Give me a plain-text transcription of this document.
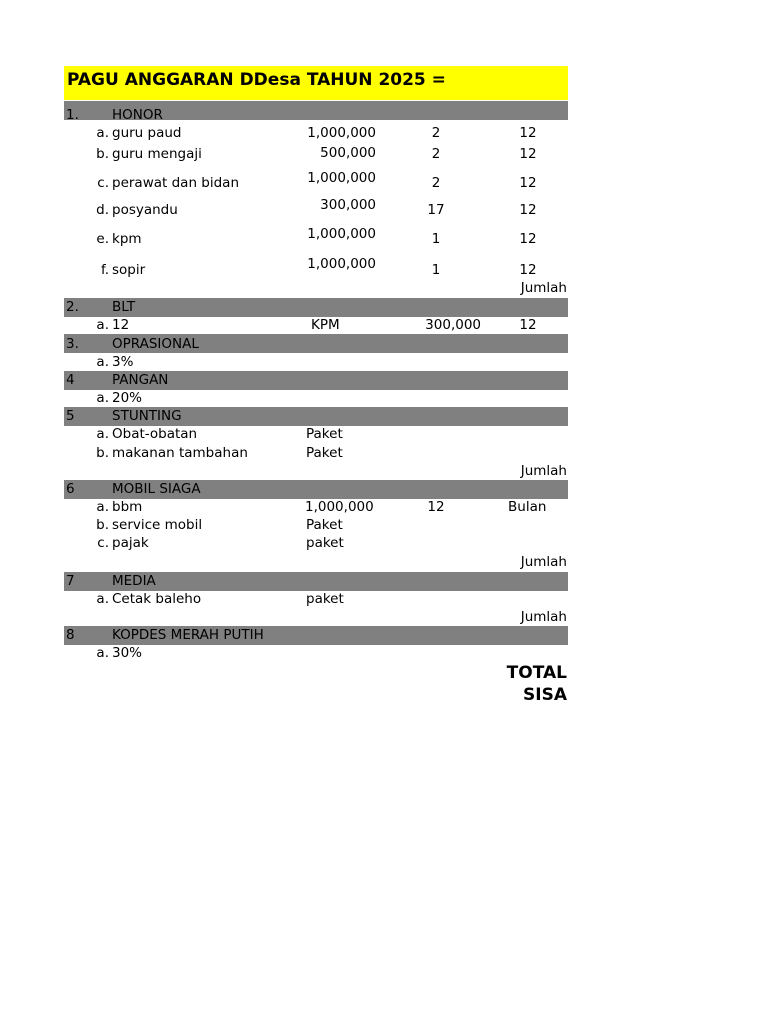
PAGU ANGGARAN DDesa TAHUN 2025 =
1. HONOR
a. guru paud	1,000,000	2	12
b. guru mengaji	500,000	2	12
c. perawat dan bidan	1,000,000	2	12
d. posyandu	300,000	17	12
e. kpm	1,000,000	1	12
f. sopir	1,000,000	1	12
Jumlah
2. BLT
a. 12	KPM	300,000	12
3. OPRASIONAL
a. 3%
4	PANGAN
a. 20%
5	STUNTING
a. Obat-obatan	Paket
b. makanan tambahan	Paket
Jumlah
6	MOBIL SIAGA
a. bbm	1,000,000	12	Bulan
b. service mobil	Paket
c. pajak	paket
Jumlah
7	MEDIA
a. Cetak baleho	paket
Jumlah
8	KOPDES MERAH PUTIH
a. 30%
TOTAL
SISA
